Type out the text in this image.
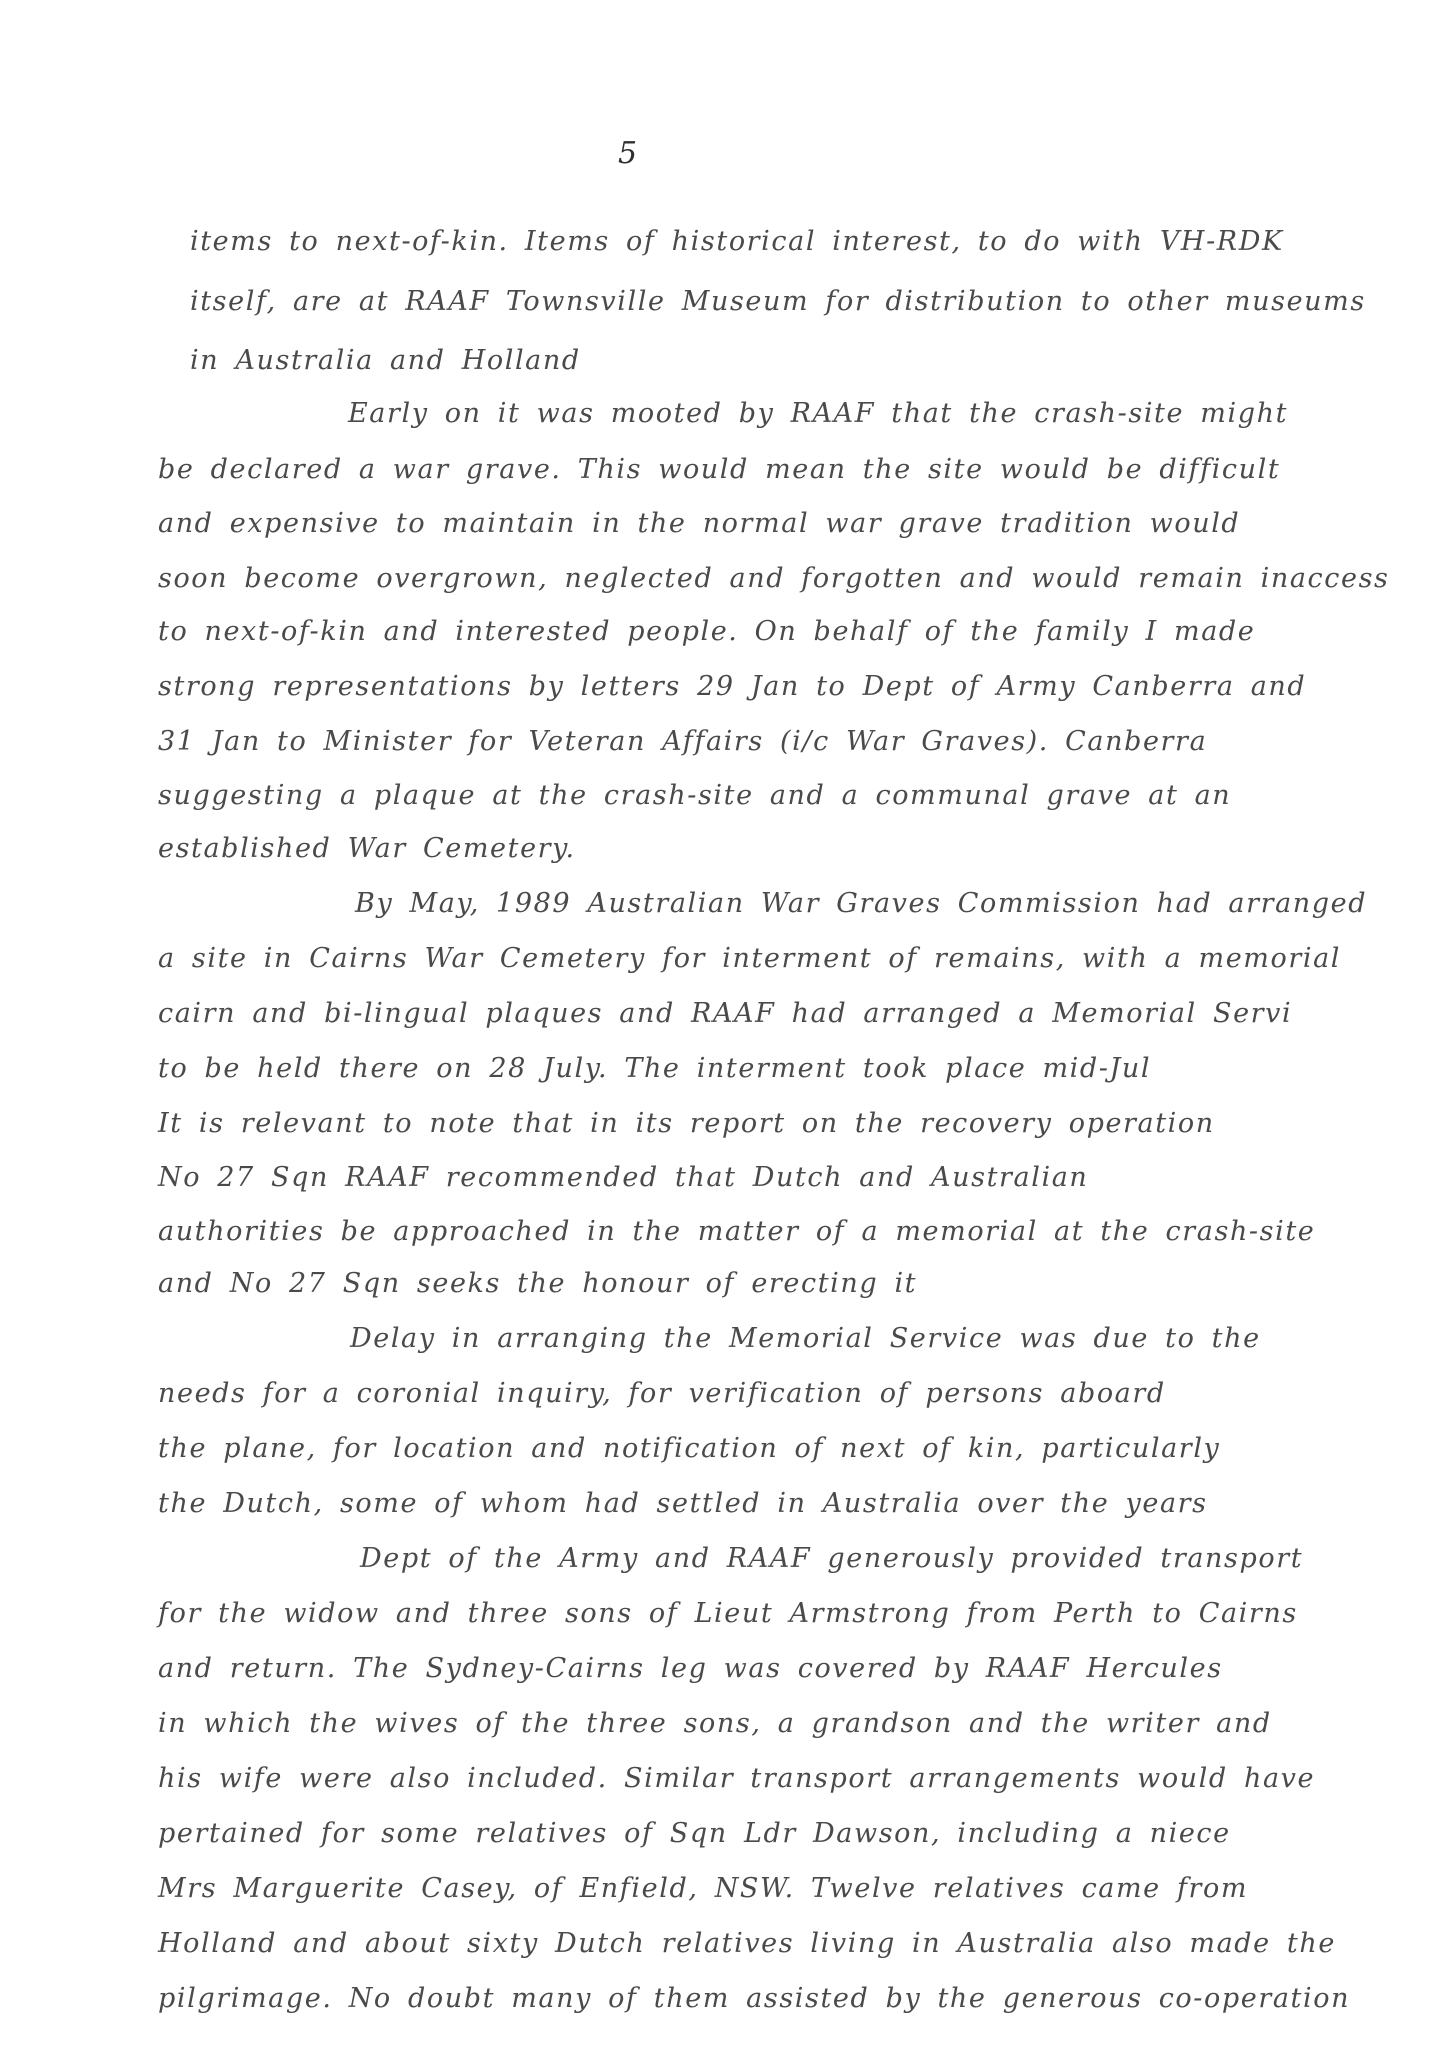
5
items to next-of-kin. Items of historical interest, to do with VH-RDK
itself, are at RAAF Townsville Museum for distribution to other museums
in Australia and Holland
Early on it was mooted by RAAF that the crash-site might
be declared a war grave. This would mean the site would be difficult
and expensive to maintain in the normal war grave tradition would
soon become overgrown, neglected and forgotten and would remain inaccess
to next-of-kin and interested people. On behalf of the family I made
strong representations by letters 29 Jan to Dept of Army Canberra and
31 Jan to Minister for Veteran Affairs (i/c War Graves). Canberra
suggesting a plaque at the crash-site and a communal grave at an
established War Cemetery.
By May, 1989 Australian War Graves Commission had arranged
a site in Cairns War Cemetery for interment of remains, with a memorial
cairn and bi-lingual plaques and RAAF had arranged a Memorial Servi
to be held there on 28 July. The interment took place mid-Jul
It is relevant to note that in its report on the recovery operation
No 27 Sqn RAAF recommended that Dutch and Australian
authorities be approached in the matter of a memorial at the crash-site
and No 27 Sqn seeks the honour of erecting it
Delay in arranging the Memorial Service was due to the
needs for a coronial inquiry, for verification of persons aboard
the plane, for location and notification of next of kin, particularly
the Dutch, some of whom had settled in Australia over the years
Dept of the Army and RAAF generously provided transport
for the widow and three sons of Lieut Armstrong from Perth to Cairns
and return. The Sydney-Cairns leg was covered by RAAF Hercules
in which the wives of the three sons, a grandson and the writer and
his wife were also included. Similar transport arrangements would have
pertained for some relatives of Sqn Ldr Dawson, including a niece
Mrs Marguerite Casey, of Enfield, NSW. Twelve relatives came from
Holland and about sixty Dutch relatives living in Australia also made the
pilgrimage. No doubt many of them assisted by the generous co-operation
